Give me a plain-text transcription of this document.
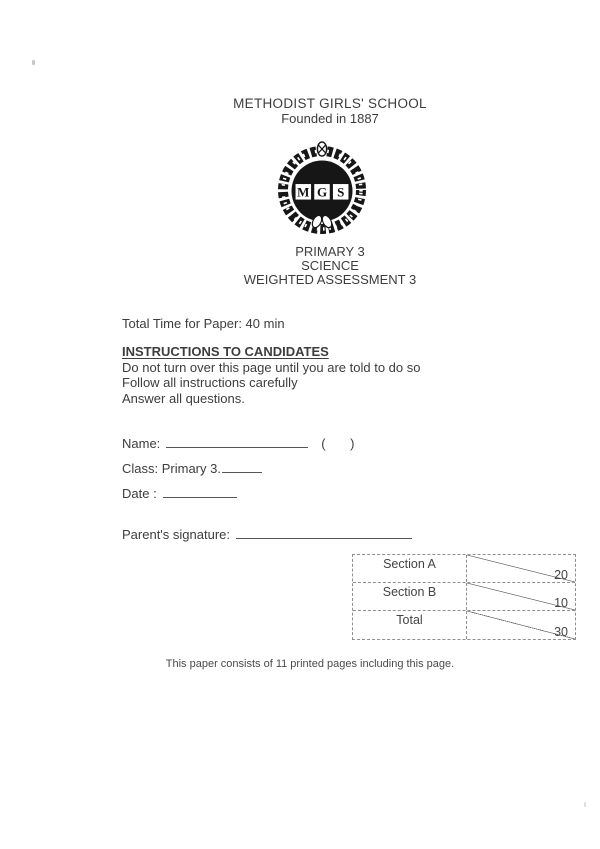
METHODIST GIRLS' SCHOOL
Founded in 1887
M G S
PRIMARY 3
SCIENCE
WEIGHTED ASSESSMENT 3
Total Time for Paper: 40 min
INSTRUCTIONS TO CANDIDATES
Do not turn over this page until you are told to do so
Follow all instructions carefully
Answer all questions.
Name:	(    )
Class: Primary 3.
Date :
Parent's signature:
Section A
20
Section B
10
Total
30
This paper consists of 11 printed pages including this page.
